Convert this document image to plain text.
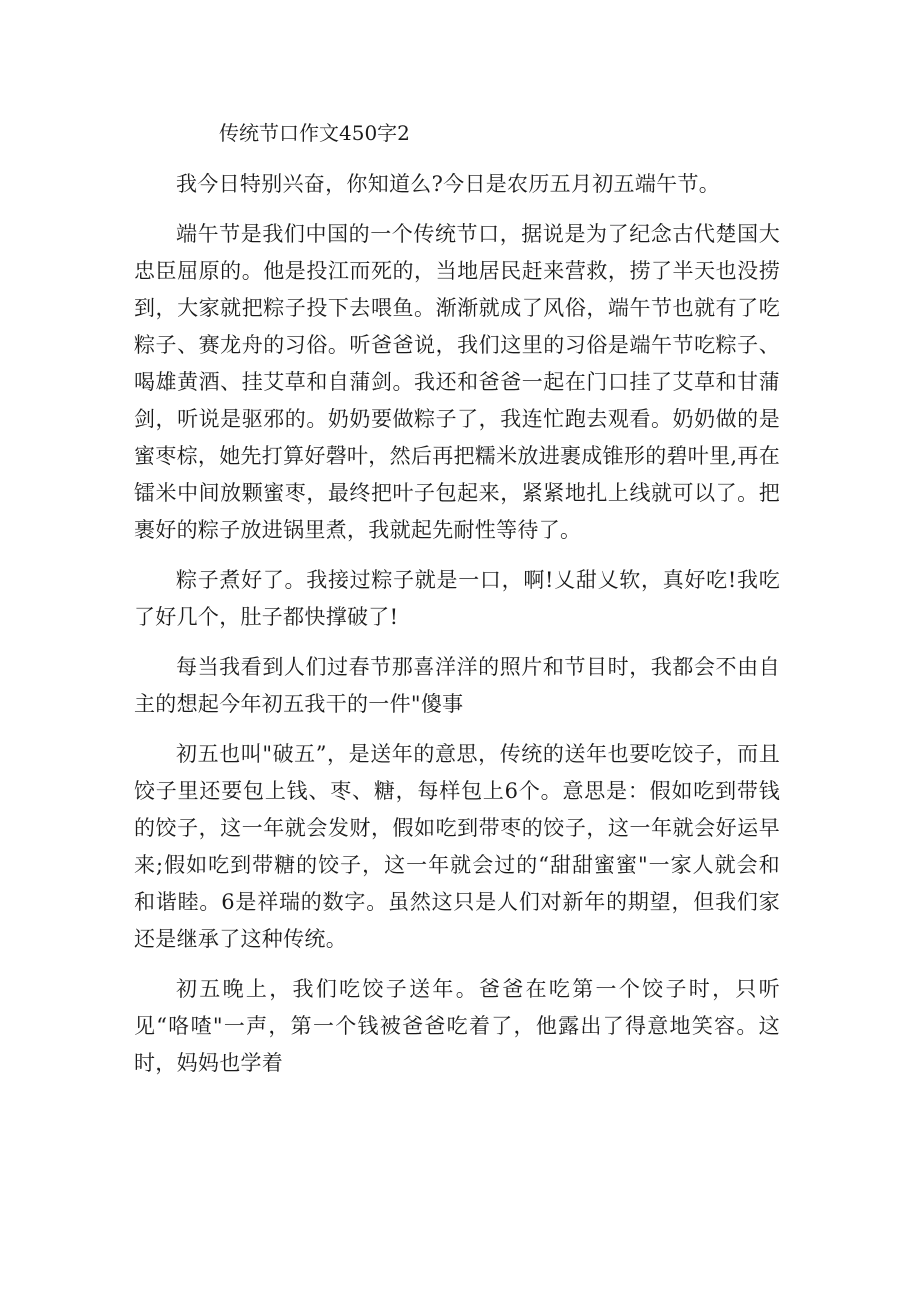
传统节口作文450字2

我今日特别兴奋，你知道么?今日是农历五月初五端午节。

端午节是我们中国的一个传统节口，据说是为了纪念古代楚国大忠臣屈原的。他是投江而死的，当地居民赶来营救，捞了半天也没捞到，大家就把粽子投下去喂鱼。渐渐就成了风俗，端午节也就有了吃粽子、赛龙舟的习俗。听爸爸说，我们这里的习俗是端午节吃粽子、喝雄黄酒、挂艾草和自蒲剑。我还和爸爸一起在门口挂了艾草和甘蒲剑，听说是驱邪的。奶奶要做粽子了，我连忙跑去观看。奶奶做的是蜜枣棕，她先打算好磬叶，然后再把糯米放进裹成锥形的碧叶里,再在镭米中间放颗蜜枣，最终把叶子包起来，紧紧地扎上线就可以了。把裹好的粽子放进锅里煮，我就起先耐性等待了。

粽子煮好了。我接过粽子就是一口，啊!乂甜乂软，真好吃!我吃了好几个，肚子都快撑破了!

每当我看到人们过春节那喜洋洋的照片和节目时，我都会不由自主的想起今年初五我干的一件"傻事

初五也叫"破五”，是送年的意思，传统的送年也要吃饺子，而且饺子里还要包上钱、枣、糖，每样包上6个。意思是：假如吃到带钱的饺子，这一年就会发财，假如吃到带枣的饺子，这一年就会好运早来;假如吃到带糖的饺子，这一年就会过的“甜甜蜜蜜"一家人就会和和谐睦。6是祥瑞的数字。虽然这只是人们对新年的期望，但我们家还是继承了这种传统。

初五晚上，我们吃饺子送年。爸爸在吃第一个饺子时，只听见“咯喳"一声，第一个钱被爸爸吃着了，他露出了得意地笑容。这时，妈妈也学着
